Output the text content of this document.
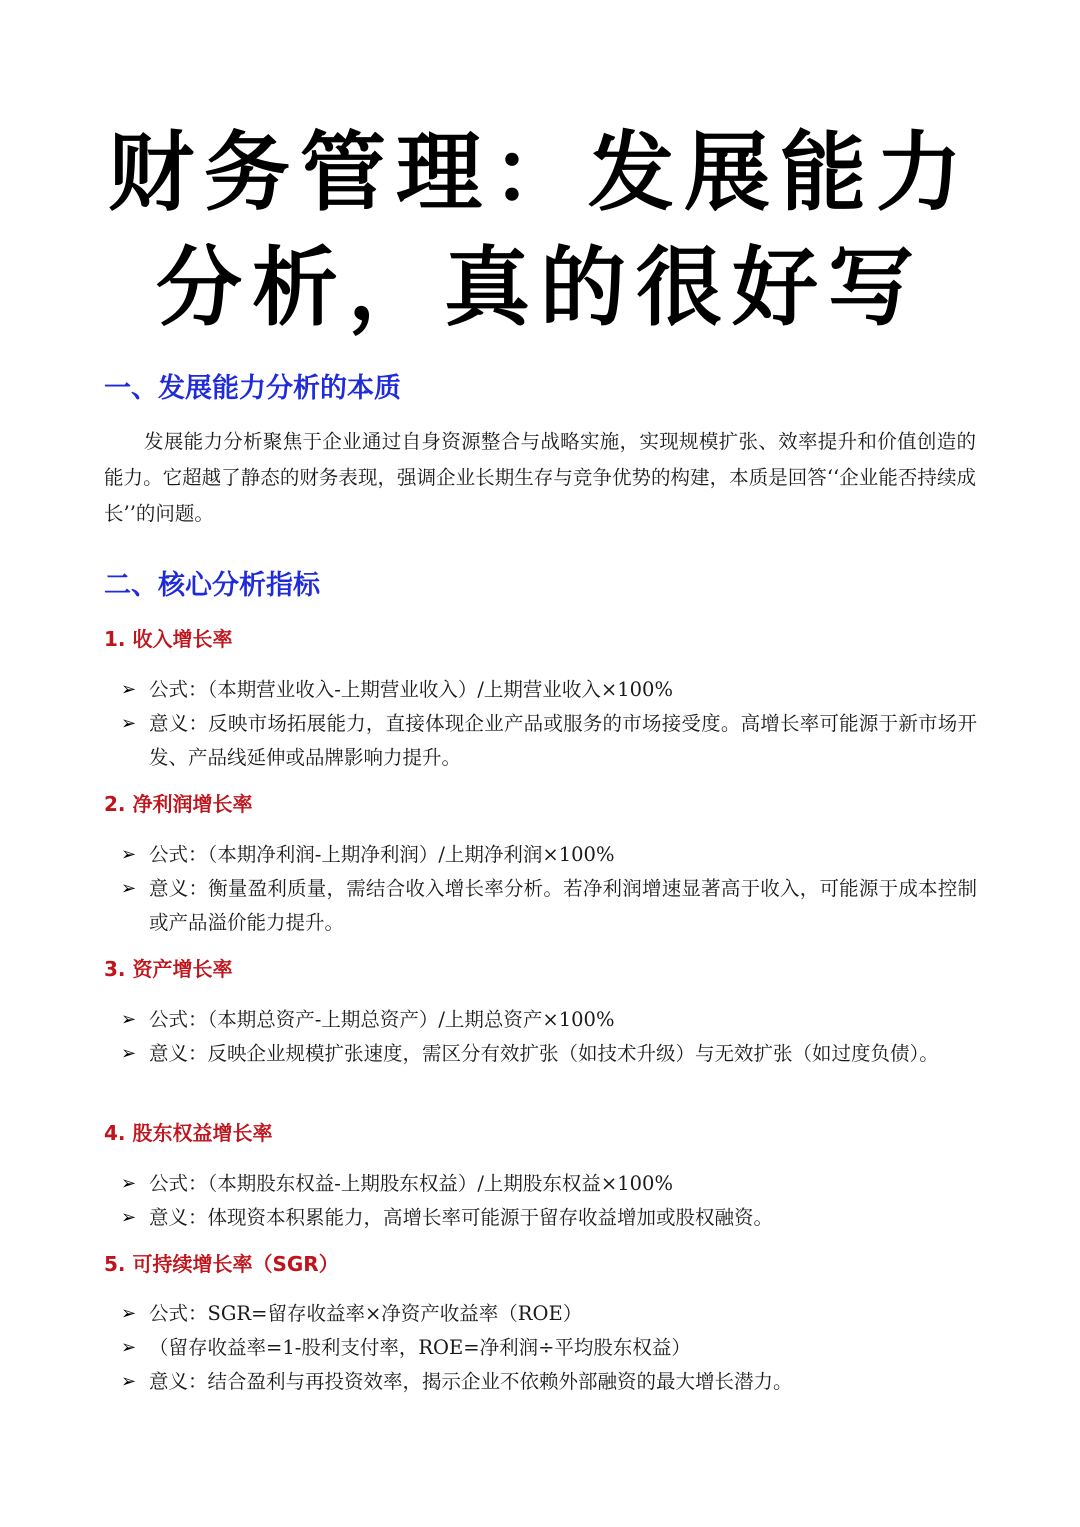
财务管理：发展能力
分析，真的很好写
一、发展能力分析的本质
发展能力分析聚焦于企业通过自身资源整合与战略实施，实现规模扩张、效率提升和价值创造的能力。它超越了静态的财务表现，强调企业长期生存与竞争优势的构建，本质是回答‘‘企业能否持续成长’’的问题。
二、核心分析指标
1. 收入增长率
➢ 公式：（本期营业收入-上期营业收入）/上期营业收入×100%
➢ 意义：反映市场拓展能力，直接体现企业产品或服务的市场接受度。高增长率可能源于新市场开发、产品线延伸或品牌影响力提升。
2. 净利润增长率
➢ 公式：（本期净利润-上期净利润）/上期净利润×100%
➢ 意义：衡量盈利质量，需结合收入增长率分析。若净利润增速显著高于收入，可能源于成本控制或产品溢价能力提升。
3. 资产增长率
➢ 公式：（本期总资产-上期总资产）/上期总资产×100%
➢ 意义：反映企业规模扩张速度，需区分有效扩张（如技术升级）与无效扩张（如过度负债）。
4. 股东权益增长率
➢ 公式：（本期股东权益-上期股东权益）/上期股东权益×100%
➢ 意义：体现资本积累能力，高增长率可能源于留存收益增加或股权融资。
5. 可持续增长率（SGR）
➢ 公式：SGR=留存收益率×净资产收益率（ROE）
➢ （留存收益率=1-股利支付率，ROE=净利润÷平均股东权益）
➢ 意义：结合盈利与再投资效率，揭示企业不依赖外部融资的最大增长潜力。
